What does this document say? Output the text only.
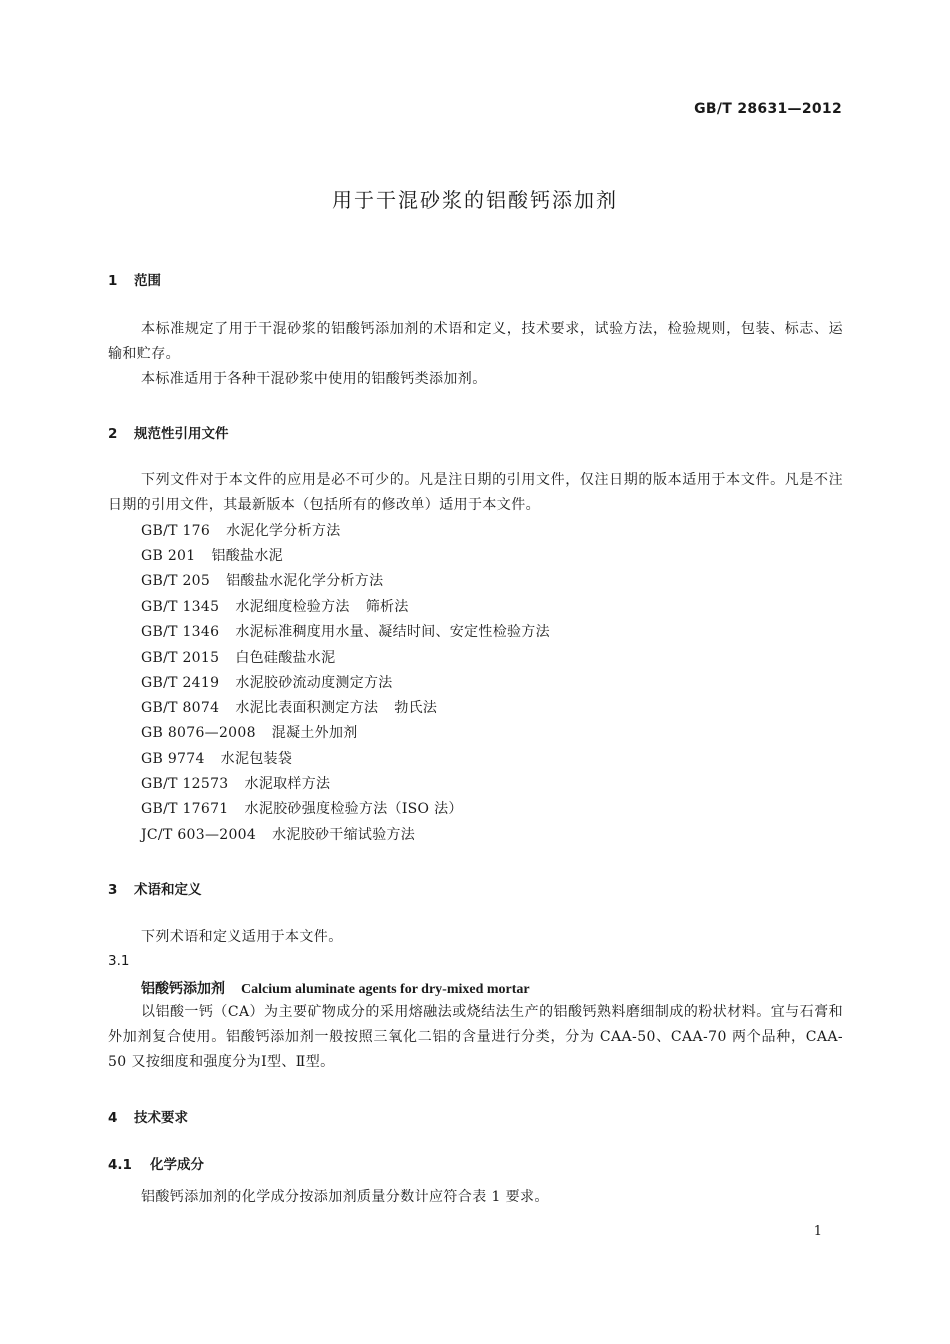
GB/T 28631—2012
用于干混砂浆的铝酸钙添加剂
1 范围
本标准规定了用于干混砂浆的铝酸钙添加剂的术语和定义，技术要求，试验方法，检验规则，包装、标志、运输和贮存。
本标准适用于各种干混砂浆中使用的铝酸钙类添加剂。
2 规范性引用文件
下列文件对于本文件的应用是必不可少的。凡是注日期的引用文件，仅注日期的版本适用于本文件。凡是不注日期的引用文件，其最新版本（包括所有的修改单）适用于本文件。
GB/T 176 水泥化学分析方法
GB 201 铝酸盐水泥
GB/T 205 铝酸盐水泥化学分析方法
GB/T 1345 水泥细度检验方法 筛析法
GB/T 1346 水泥标准稠度用水量、凝结时间、安定性检验方法
GB/T 2015 白色硅酸盐水泥
GB/T 2419 水泥胶砂流动度测定方法
GB/T 8074 水泥比表面积测定方法 勃氏法
GB 8076—2008 混凝土外加剂
GB 9774 水泥包装袋
GB/T 12573 水泥取样方法
GB/T 17671 水泥胶砂强度检验方法（ISO 法）
JC/T 603—2004 水泥胶砂干缩试验方法
3 术语和定义
下列术语和定义适用于本文件。
3.1
铝酸钙添加剂 Calcium aluminate agents for dry-mixed mortar
以铝酸一钙（CA）为主要矿物成分的采用熔融法或烧结法生产的铝酸钙熟料磨细制成的粉状材料。宜与石膏和外加剂复合使用。铝酸钙添加剂一般按照三氧化二铝的含量进行分类，分为 CAA-50、CAA-70 两个品种，CAA-50 又按细度和强度分为Ⅰ型、Ⅱ型。
4 技术要求
4.1 化学成分
铝酸钙添加剂的化学成分按添加剂质量分数计应符合表 1 要求。
1
